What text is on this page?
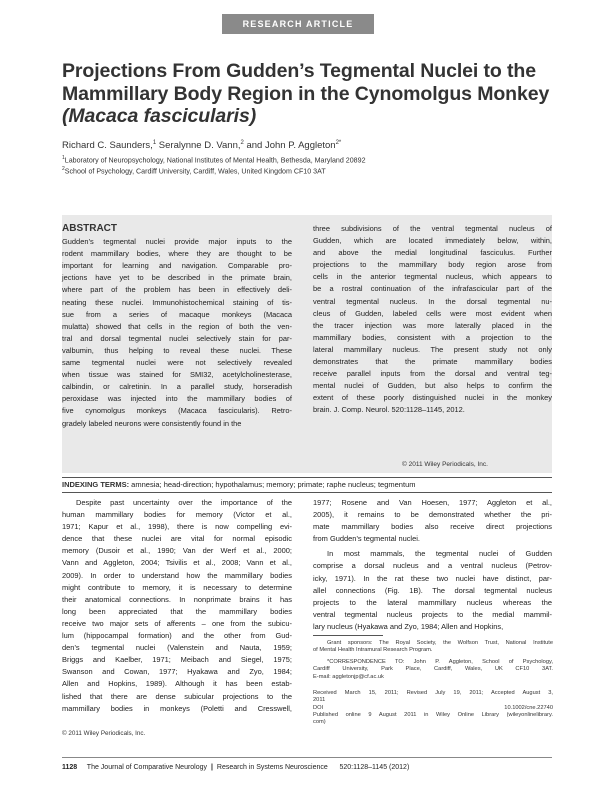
RESEARCH ARTICLE
Projections From Gudden’s Tegmental Nuclei to the Mammillary Body Region in the Cynomolgus Monkey
(Macaca fascicularis)
Richard C. Saunders,$^1$ Seralynne D. Vann,$^2$ and John P. Aggleton$^{2*}$
$^1$Laboratory of Neuropsychology, National Institutes of Mental Health, Bethesda, Maryland 20892
$^2$School of Psychology, Cardiff University, Cardiff, Wales, United Kingdom CF10 3AT
ABSTRACT
Gudden’s tegmental nuclei provide major inputs to the
rodent mammillary bodies, where they are thought to be
important for learning and navigation. Comparable pro-
jections have yet to be described in the primate brain,
where part of the problem has been in effectively deli-
neating these nuclei. Immunohistochemical staining of tis-
sue from a series of macaque monkeys (Macaca
mulatta) showed that cells in the region of both the ven-
tral and dorsal tegmental nuclei selectively stain for par-
valbumin, thus helping to reveal these nuclei. These
same tegmental nuclei were not selectively revealed
when tissue was stained for SMI32, acetylcholinesterase,
calbindin, or calretinin. In a parallel study, horseradish
peroxidase was injected into the mammillary bodies of
five cynomolgus monkeys (Macaca fascicularis). Retro-
gradely labeled neurons were consistently found in the
three subdivisions of the ventral tegmental nucleus of
Gudden, which are located immediately below, within,
and above the medial longitudinal fasciculus. Further
projections to the mammillary body region arose from
cells in the anterior tegmental nucleus, which appears to
be a rostral continuation of the infrafascicular part of the
ventral tegmental nucleus. In the dorsal tegmental nu-
cleus of Gudden, labeled cells were most evident when
the tracer injection was more laterally placed in the
mammillary bodies, consistent with a projection to the
lateral mammillary nucleus. The present study not only
demonstrates that the primate mammillary bodies
receive parallel inputs from the dorsal and ventral teg-
mental nuclei of Gudden, but also helps to confirm the
extent of these poorly distinguished nuclei in the monkey
brain. J. Comp. Neurol. 520:1128–1145, 2012.
© 2011 Wiley Periodicals, Inc.
INDEXING TERMS: amnesia; head-direction; hypothalamus; memory; primate; raphe nucleus; tegmentum
Despite past uncertainty over the importance of the
human mammillary bodies for memory (Victor et al.,
1971; Kapur et al., 1998), there is now compelling evi-
dence that these nuclei are vital for normal episodic
memory (Dusoir et al., 1990; Van der Werf et al., 2000;
Vann and Aggleton, 2004; Tsivilis et al., 2008; Vann et al.,
2009). In order to understand how the mammillary bodies
might contribute to memory, it is necessary to determine
their anatomical connections. In nonprimate brains it has
long been appreciated that the mammillary bodies
receive two major sets of afferents – one from the subicu-
lum (hippocampal formation) and the other from Gud-
den’s tegmental nuclei (Valenstein and Nauta, 1959;
Briggs and Kaelber, 1971; Meibach and Siegel, 1975;
Swanson and Cowan, 1977; Hyakawa and Zyo, 1984;
Allen and Hopkins, 1989). Although it has been estab-
lished that there are dense subicular projections to the
mammillary bodies in monkeys (Poletti and Cresswell,
1977; Rosene and Van Hoesen, 1977; Aggleton et al.,
2005), it remains to be demonstrated whether the pri-
mate mammillary bodies also receive direct projections
from Gudden’s tegmental nuclei.
In most mammals, the tegmental nuclei of Gudden
comprise a dorsal nucleus and a ventral nucleus (Petrov-
icky, 1971). In the rat these two nuclei have distinct, par-
allel connections (Fig. 1B). The dorsal tegmental nucleus
projects to the lateral mammillary nucleus whereas the
ventral tegmental nucleus projects to the medial mammil-
lary nucleus (Hyakawa and Zyo, 1984; Allen and Hopkins,
Grant sponsors: The Royal Society, the Wolfson Trust, National Institute
of Mental Health Intramural Research Program.
*CORRESPONDENCE TO: John P. Aggleton, School of Psychology,
Cardiff University, Park Place, Cardiff, Wales, UK CF10 3AT.
E-mail: aggletonjp@cf.ac.uk
Received March 15, 2011; Revised July 19, 2011; Accepted August 3,
2011
DOI 10.1002/cne.22740
Published online 9 August 2011 in Wiley Online Library (wileyonlinelibrary.
com)
© 2011 Wiley Periodicals, Inc.
1128 The Journal of Comparative Neurology | Research in Systems Neuroscience 520:1128–1145 (2012)
